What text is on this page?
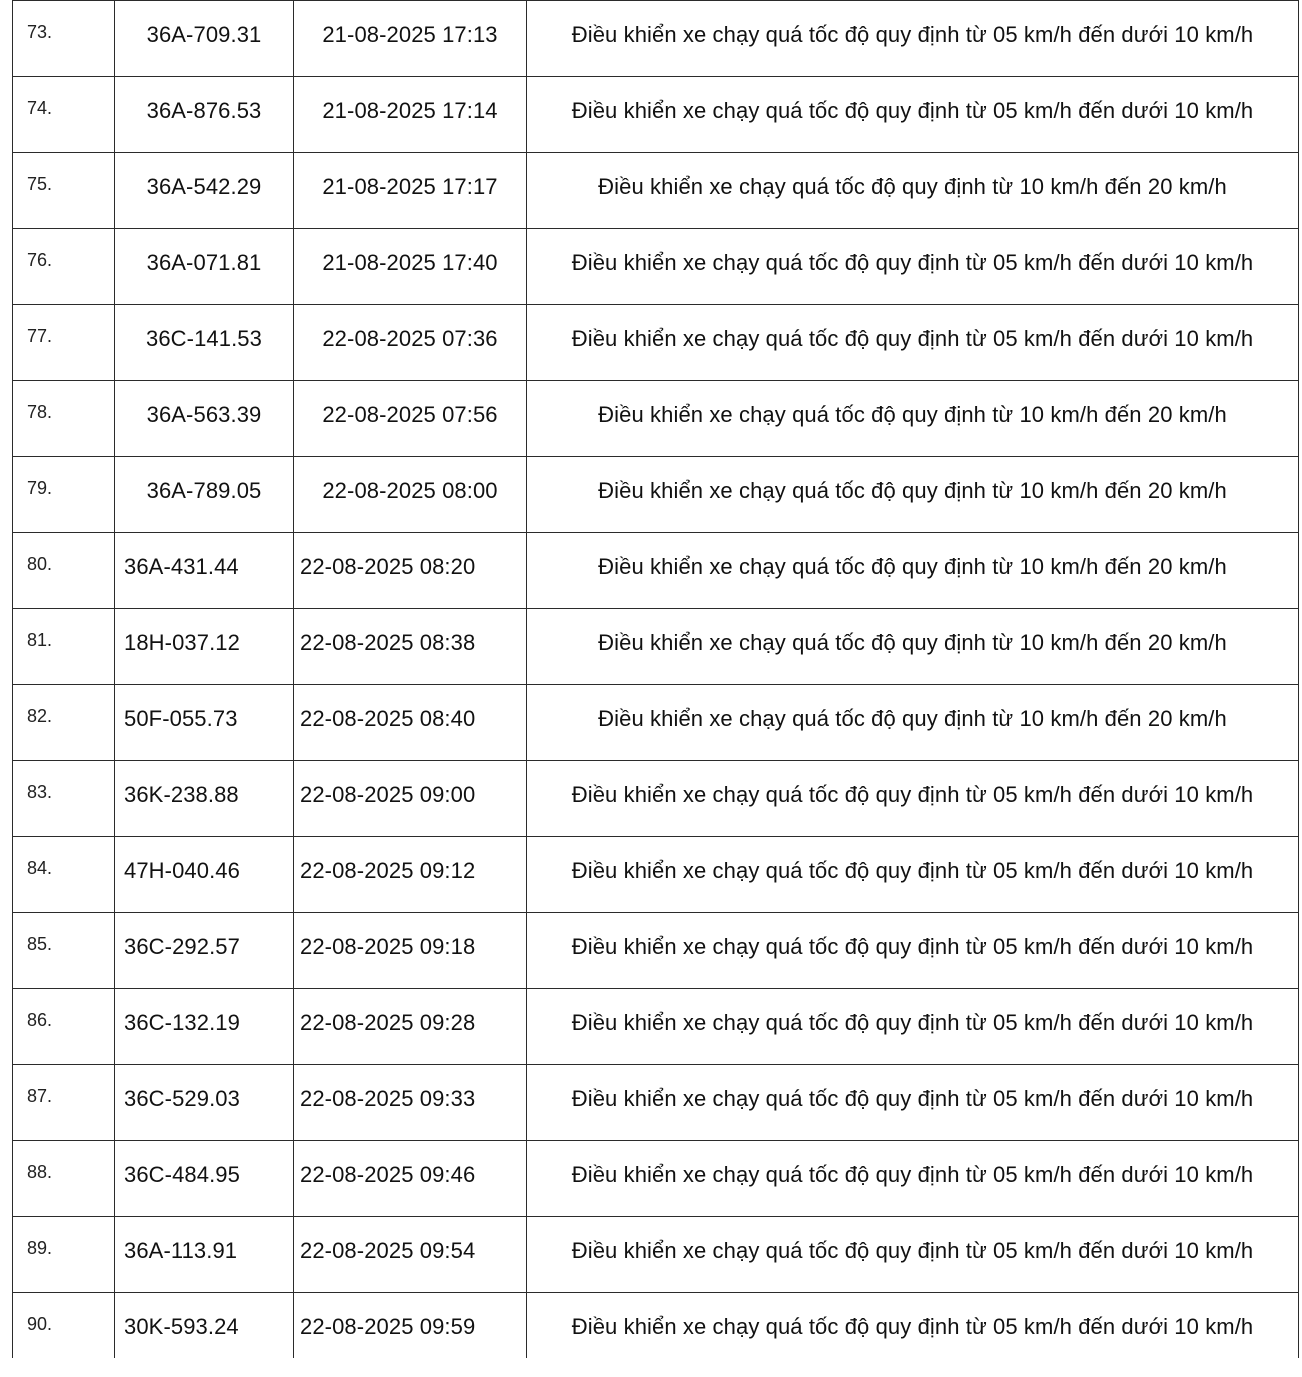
73.	36A-709.31	21-08-2025 17:13	Điều khiển xe chạy quá tốc độ quy định từ 05 km/h đến dưới 10 km/h
74.	36A-876.53	21-08-2025 17:14	Điều khiển xe chạy quá tốc độ quy định từ 05 km/h đến dưới 10 km/h
75.	36A-542.29	21-08-2025 17:17	Điều khiển xe chạy quá tốc độ quy định từ 10 km/h đến 20 km/h
76.	36A-071.81	21-08-2025 17:40	Điều khiển xe chạy quá tốc độ quy định từ 05 km/h đến dưới 10 km/h
77.	36C-141.53	22-08-2025 07:36	Điều khiển xe chạy quá tốc độ quy định từ 05 km/h đến dưới 10 km/h
78.	36A-563.39	22-08-2025 07:56	Điều khiển xe chạy quá tốc độ quy định từ 10 km/h đến 20 km/h
79.	36A-789.05	22-08-2025 08:00	Điều khiển xe chạy quá tốc độ quy định từ 10 km/h đến 20 km/h
80.	36A-431.44	22-08-2025 08:20	Điều khiển xe chạy quá tốc độ quy định từ 10 km/h đến 20 km/h
81.	18H-037.12	22-08-2025 08:38	Điều khiển xe chạy quá tốc độ quy định từ 10 km/h đến 20 km/h
82.	50F-055.73	22-08-2025 08:40	Điều khiển xe chạy quá tốc độ quy định từ 10 km/h đến 20 km/h
83.	36K-238.88	22-08-2025 09:00	Điều khiển xe chạy quá tốc độ quy định từ 05 km/h đến dưới 10 km/h
84.	47H-040.46	22-08-2025 09:12	Điều khiển xe chạy quá tốc độ quy định từ 05 km/h đến dưới 10 km/h
85.	36C-292.57	22-08-2025 09:18	Điều khiển xe chạy quá tốc độ quy định từ 05 km/h đến dưới 10 km/h
86.	36C-132.19	22-08-2025 09:28	Điều khiển xe chạy quá tốc độ quy định từ 05 km/h đến dưới 10 km/h
87.	36C-529.03	22-08-2025 09:33	Điều khiển xe chạy quá tốc độ quy định từ 05 km/h đến dưới 10 km/h
88.	36C-484.95	22-08-2025 09:46	Điều khiển xe chạy quá tốc độ quy định từ 05 km/h đến dưới 10 km/h
89.	36A-113.91	22-08-2025 09:54	Điều khiển xe chạy quá tốc độ quy định từ 05 km/h đến dưới 10 km/h
90.	30K-593.24	22-08-2025 09:59	Điều khiển xe chạy quá tốc độ quy định từ 05 km/h đến dưới 10 km/h
